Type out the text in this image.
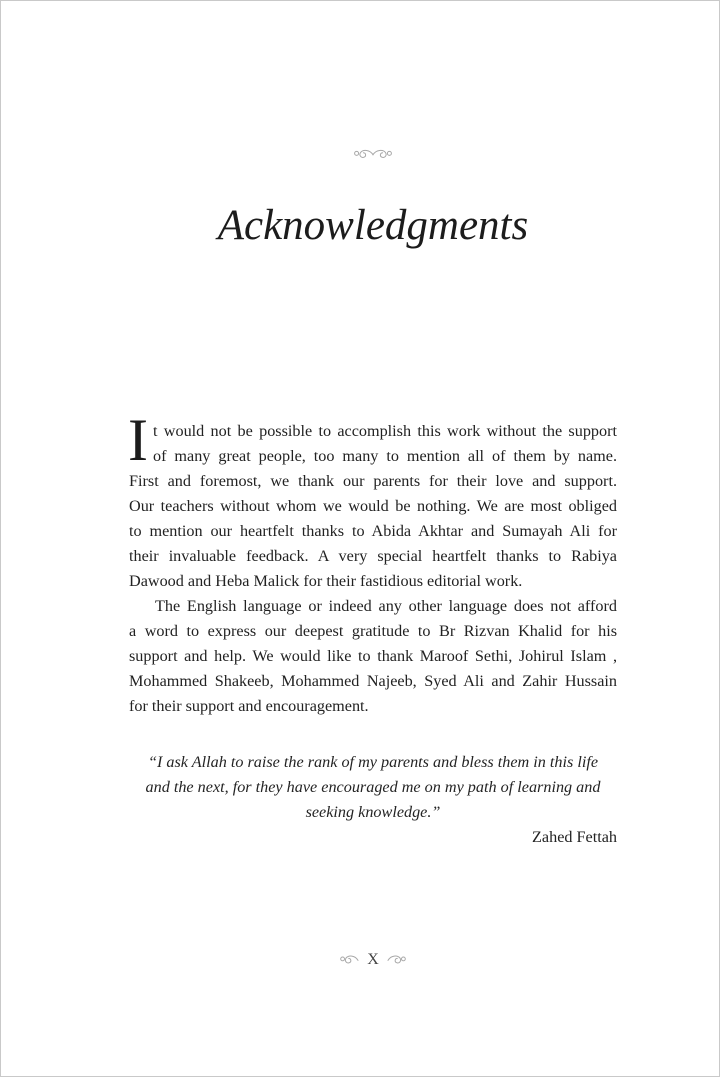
Acknowledgments
I t would not be possible to accomplish this work without the support
of many great people, too many to mention all of them by name.
First and foremost, we thank our parents for their love and support.
Our teachers without whom we would be nothing. We are most obliged
to mention our heartfelt thanks to Abida Akhtar and Sumayah Ali for
their invaluable feedback. A very special heartfelt thanks to Rabiya
Dawood and Heba Malick for their fastidious editorial work.
The English language or indeed any other language does not afford
a word to express our deepest gratitude to Br Rizvan Khalid for his
support and help. We would like to thank Maroof Sethi, Johirul Islam ,
Mohammed Shakeeb, Mohammed Najeeb, Syed Ali and Zahir Hussain
for their support and encouragement.
“I ask Allah to raise the rank of my parents and bless them in this life
and the next, for they have encouraged me on my path of learning and
seeking knowledge.”
Zahed Fettah
X
